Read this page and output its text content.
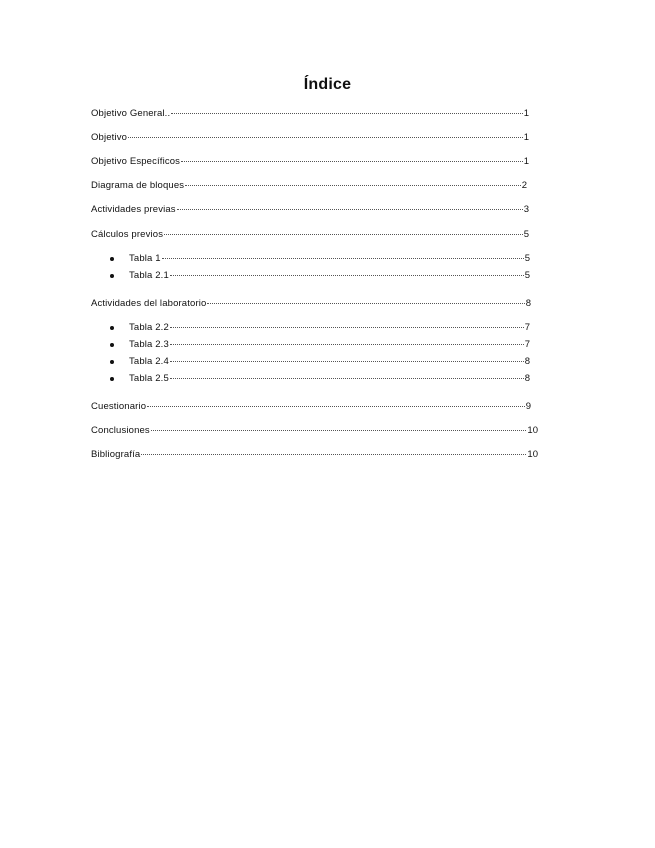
Índice
Objetivo General..	1
Objetivo	1
Objetivo Específicos	1
Diagrama de bloques	2
Actividades previas	3
Cálculos previos	5
Tabla 1	5
Tabla 2.1	5
Actividades del laboratorio	8
Tabla 2.2	7
Tabla 2.3	7
Tabla 2.4	8
Tabla 2.5	8
Cuestionario	9
Conclusiones	10
Bibliografía	10
